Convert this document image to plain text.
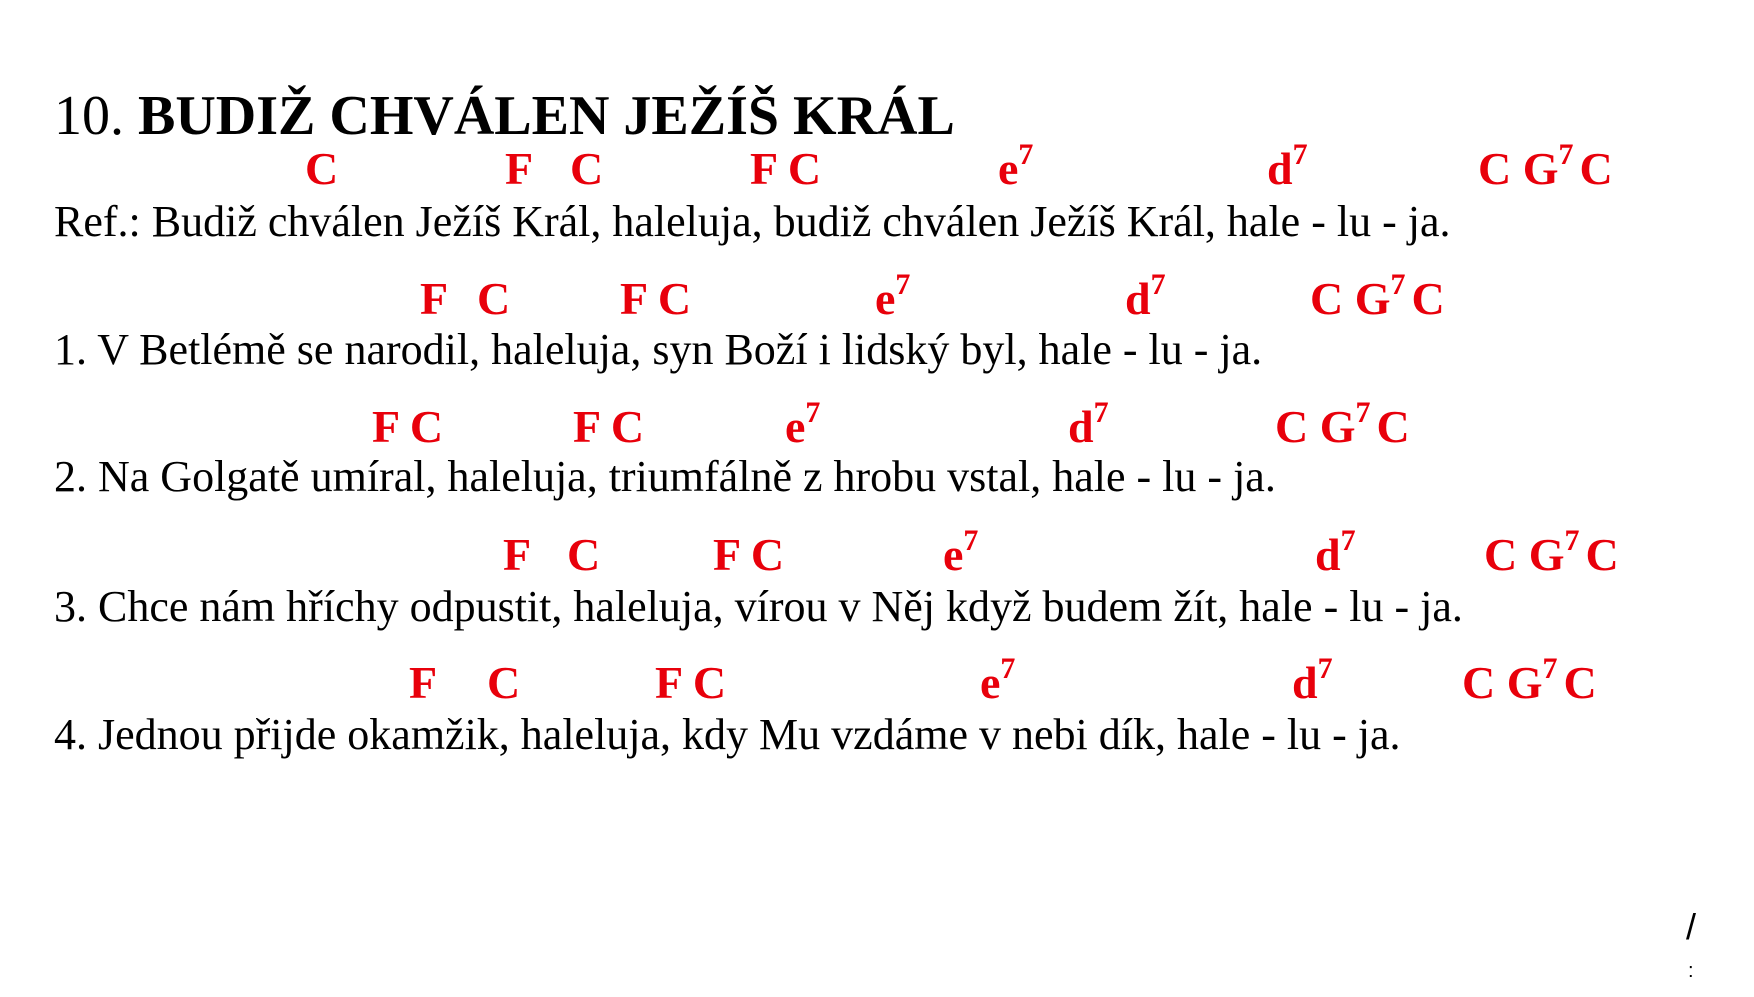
10. BUDIŽ CHVÁLEN JEŽÍŠ KRÁL
C	F C	F C	$e^7$	$d^7$	C $G^7$ C
Ref.: Budiž chválen Ježíš Král, haleluja, budiž chválen Ježíš Král, hale - lu - ja.
F C F C	$e^7$	$d^7$	C $G^7$ C
1. V Betlémě se narodil, haleluja, syn Boží i lidský byl, hale - lu - ja.
F C	F C	$e^7$	$d^7$	C $G^7$ C
2. Na Golgatě umíral, haleluja, triumfálně z hrobu vstal, hale - lu - ja.
F C F C	$e^7$	$d^7$	C $G^7$ C
3. Chce nám hříchy odpustit, haleluja, vírou v Něj když budem žít, hale - lu - ja.
F C	F C	$e^7$	$d^7$	C $G^7$ C
4. Jednou přijde okamžik, haleluja, kdy Mu vzdáme v nebi dík, hale - lu - ja.
/
:
